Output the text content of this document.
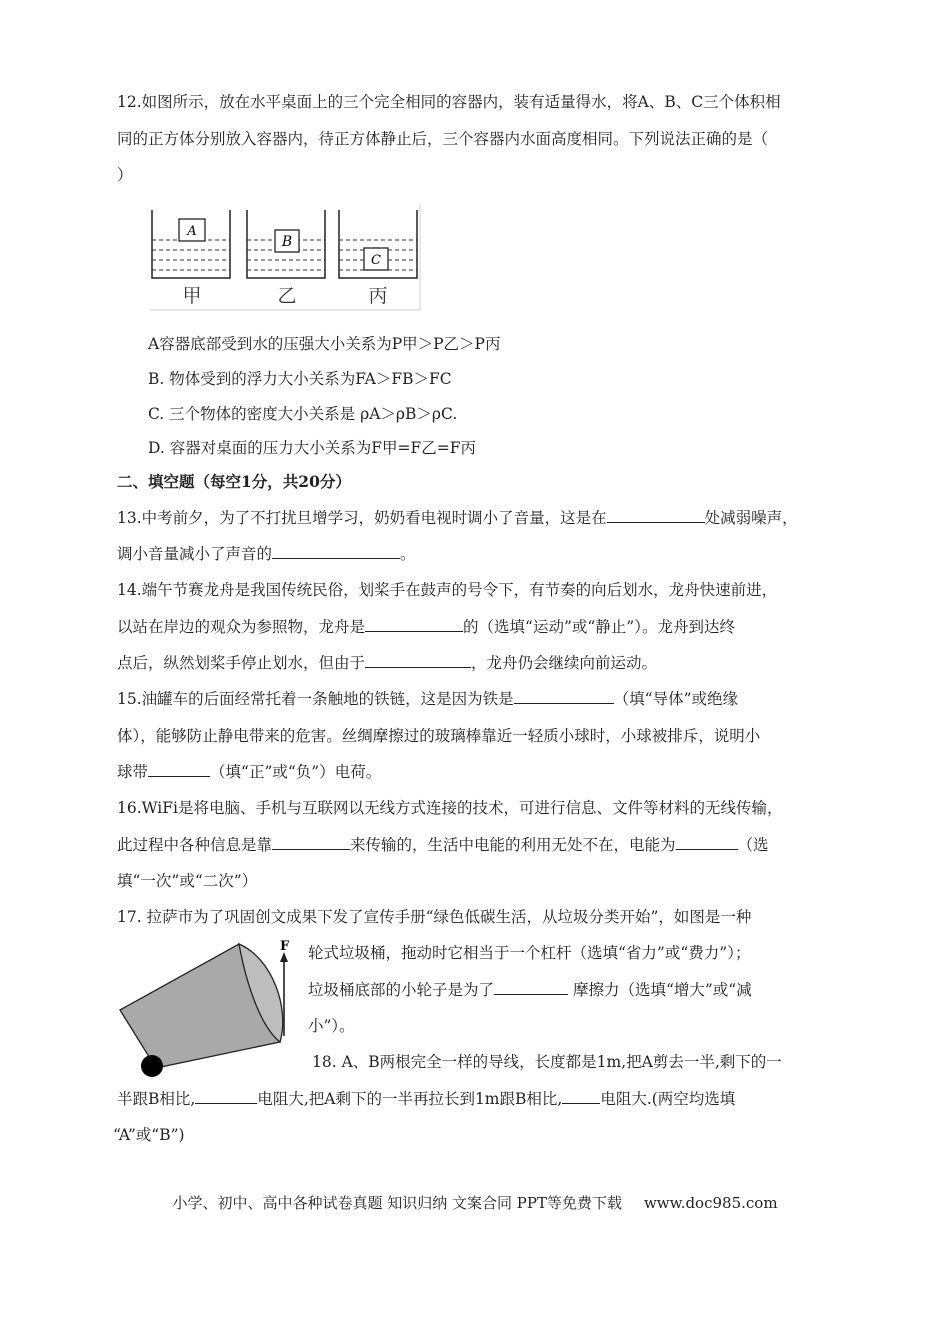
12.如图所示，放在水平桌面上的三个完全相同的容器内，装有适量得水，将A、B、C三个体积相
同的正方体分别放入容器内，待正方体静止后，三个容器内水面高度相同。下列说法正确的是（
）
A
B
C
甲	乙	丙
A容器底部受到水的压强大小关系为P甲＞P乙＞P丙
B. 物体受到的浮力大小关系为FA＞FB＞FC
C. 三个物体的密度大小关系是 ρA＞ρB＞ρC.
D. 容器对桌面的压力大小关系为F甲=F乙=F丙
二、填空题（每空1分，共20分）
13.中考前夕，为了不打扰旦增学习，奶奶看电视时调小了音量，这是在	处减弱噪声，
调小音量减小了声音的	。
14.端午节赛龙舟是我国传统民俗，划桨手在鼓声的号令下，有节奏的向后划水，龙舟快速前进，
以站在岸边的观众为参照物，龙舟是	的（选填“运动”或“静止”）。龙舟到达终
点后，纵然划桨手停止划水，但由于	，龙舟仍会继续向前运动。
15.油罐车的后面经常托着一条触地的铁链，这是因为铁是	（填“导体”或绝缘
体），能够防止静电带来的危害。丝绸摩擦过的玻璃棒靠近一轻质小球时，小球被排斥，说明小
球带	（填“正”或“负”）电荷。
16.WiFi是将电脑、手机与互联网以无线方式连接的技术，可进行信息、文件等材料的无线传输，
此过程中各种信息是靠	来传输的，生活中电能的利用无处不在，电能为	（选
填“一次”或“二次”）
17. 拉萨市为了巩固创文成果下发了宣传手册“绿色低碳生活，从垃圾分类开始”，如图是一种
F 轮式垃圾桶，拖动时它相当于一个杠杆（选填“省力”或“费力”）；
垃圾桶底部的小轮子是为了	摩擦力（选填“增大”或“减
小”）。
18. A、B两根完全一样的导线，长度都是1m,把A剪去一半,剩下的一
半跟B相比,	电阻大,把A剩下的一半再拉长到1m跟B相比, 电阻大.(两空均选填
“A”或“B”)
小学、初中、高中各种试卷真题 知识归纳 文案合同 PPT等免费下载 www.doc985.com
